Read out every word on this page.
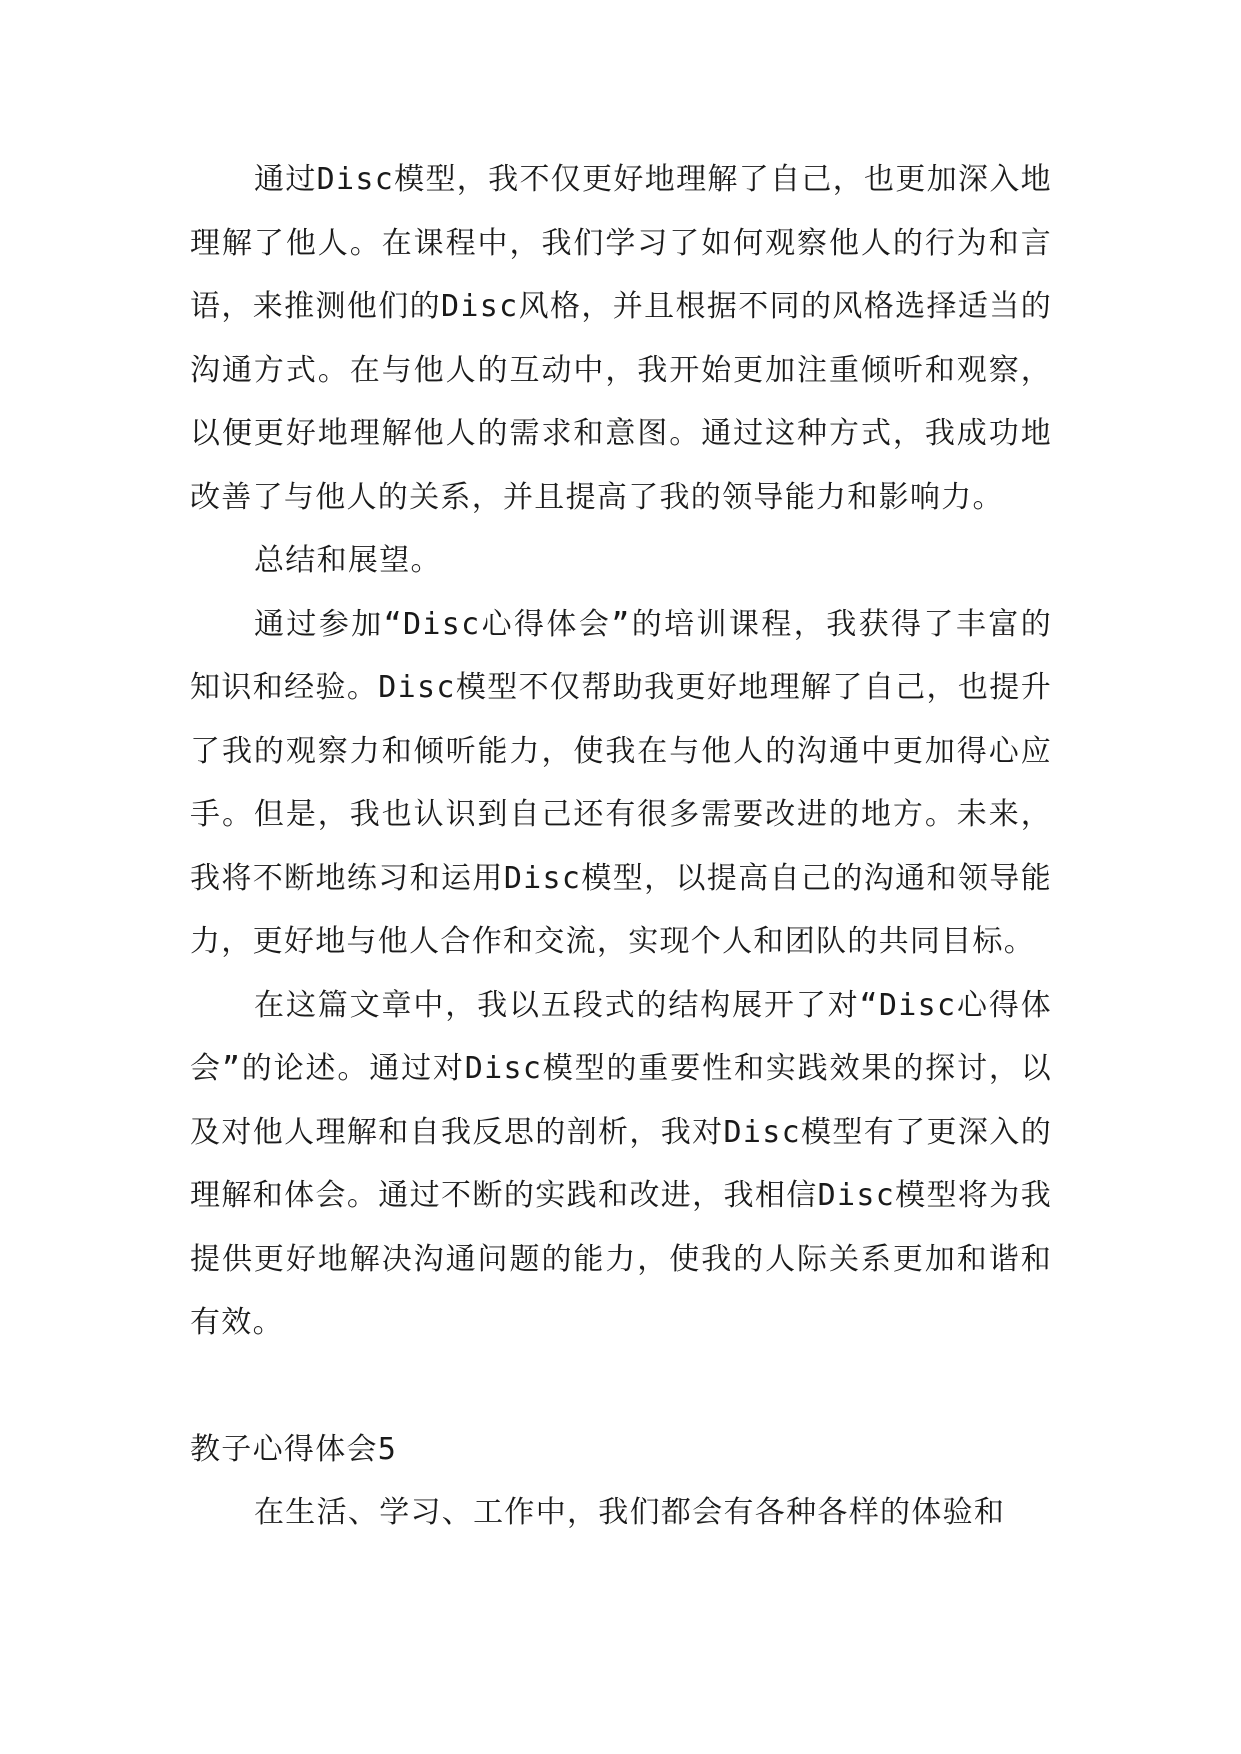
通过Disc模型，我不仅更好地理解了自己，也更加深入地理解了他人。在课程中，我们学习了如何观察他人的行为和言语，来推测他们的Disc风格，并且根据不同的风格选择适当的沟通方式。在与他人的互动中，我开始更加注重倾听和观察，以便更好地理解他人的需求和意图。通过这种方式，我成功地改善了与他人的关系，并且提高了我的领导能力和影响力。

总结和展望。

通过参加“Disc心得体会”的培训课程，我获得了丰富的知识和经验。Disc模型不仅帮助我更好地理解了自己，也提升了我的观察力和倾听能力，使我在与他人的沟通中更加得心应手。但是，我也认识到自己还有很多需要改进的地方。未来，我将不断地练习和运用Disc模型，以提高自己的沟通和领导能力，更好地与他人合作和交流，实现个人和团队的共同目标。

在这篇文章中，我以五段式的结构展开了对“Disc心得体会”的论述。通过对Disc模型的重要性和实践效果的探讨，以及对他人理解和自我反思的剖析，我对Disc模型有了更深入的理解和体会。通过不断的实践和改进，我相信Disc模型将为我提供更好地解决沟通问题的能力，使我的人际关系更加和谐和有效。

教子心得体会5

在生活、学习、工作中，我们都会有各种各样的体验和
